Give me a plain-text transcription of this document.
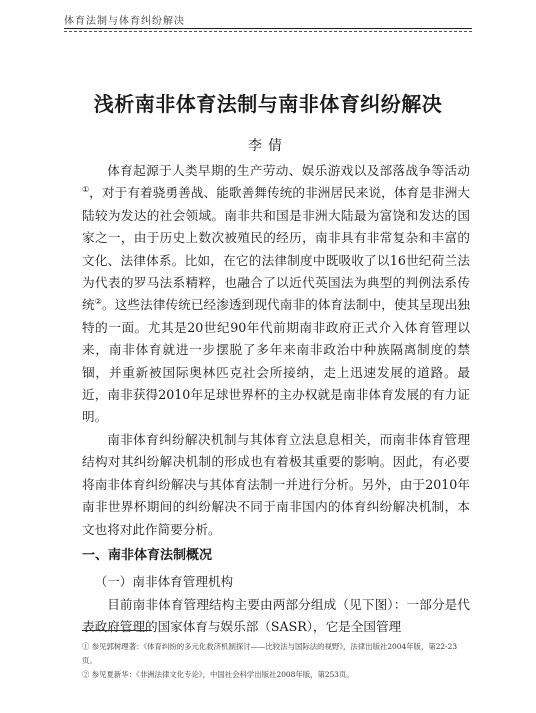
体育法制与体育纠纷解决
浅析南非体育法制与南非体育纠纷解决
李倩

体育起源于人类早期的生产劳动、娱乐游戏以及部落战争等活动①，对于有着骁勇善战、能歌善舞传统的非洲居民来说，体育是非洲大陆较为发达的社会领域。南非共和国是非洲大陆最为富饶和发达的国家之一，由于历史上数次被殖民的经历，南非具有非常复杂和丰富的文化、法律体系。比如，在它的法律制度中既吸收了以16世纪荷兰法为代表的罗马法系精粹，也融合了以近代英国法为典型的判例法系传统②。这些法律传统已经渗透到现代南非的体育法制中，使其呈现出独特的一面。尤其是20世纪90年代前期南非政府正式介入体育管理以来，南非体育就进一步摆脱了多年来南非政治中种族隔离制度的禁锢，并重新被国际奥林匹克社会所接纳，走上迅速发展的道路。最近，南非获得2010年足球世界杯的主办权就是南非体育发展的有力证明。

南非体育纠纷解决机制与其体育立法息息相关，而南非体育管理结构对其纠纷解决机制的形成也有着极其重要的影响。因此，有必要将南非体育纠纷解决与其体育法制一并进行分析。另外，由于2010年南非世界杯期间的纠纷解决不同于南非国内的体育纠纷解决机制，本文也将对此作简要分析。

一、南非体育法制概况
（一）南非体育管理机构

目前南非体育管理结构主要由两部分组成（见下图）：一部分是代表政府管理的国家体育与娱乐部（SASR），它是全国管理

① 参见郭树理著：《体育纠纷的多元化救济机制探讨——比较法与国际法的视野》，法律出版社2004年版，第22-23页。

② 参见夏新华：《非洲法律文化专论》，中国社会科学出版社2008年版，第253页。
